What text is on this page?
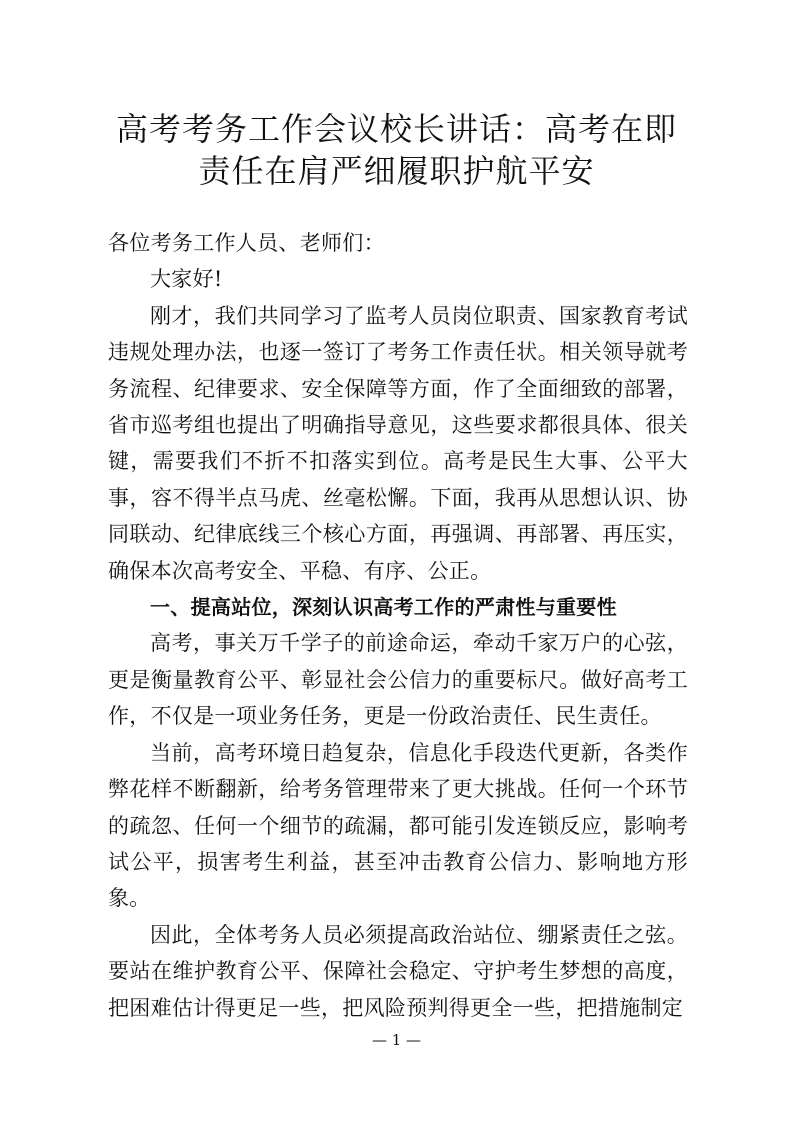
高考考务工作会议校长讲话：高考在即责任在肩严细履职护航平安

各位考务工作人员、老师们：

大家好!

刚才，我们共同学习了监考人员岗位职责、国家教育考试违规处理办法，也逐一签订了考务工作责任状。相关领导就考务流程、纪律要求、安全保障等方面，作了全面细致的部署，省市巡考组也提出了明确指导意见，这些要求都很具体、很关键，需要我们不折不扣落实到位。高考是民生大事、公平大事，容不得半点马虎、丝毫松懈。下面，我再从思想认识、协同联动、纪律底线三个核心方面，再强调、再部署、再压实，确保本次高考安全、平稳、有序、公正。

一、提高站位，深刻认识高考工作的严肃性与重要性

高考，事关万千学子的前途命运，牵动千家万户的心弦，更是衡量教育公平、彰显社会公信力的重要标尺。做好高考工作，不仅是一项业务任务，更是一份政治责任、民生责任。

当前，高考环境日趋复杂，信息化手段迭代更新，各类作弊花样不断翻新，给考务管理带来了更大挑战。任何一个环节的疏忽、任何一个细节的疏漏，都可能引发连锁反应，影响考试公平，损害考生利益，甚至冲击教育公信力、影响地方形象。

因此，全体考务人员必须提高政治站位、绷紧责任之弦。要站在维护教育公平、保障社会稳定、守护考生梦想的高度，把困难估计得更足一些，把风险预判得更全一些，把措施制定

— 1 —
